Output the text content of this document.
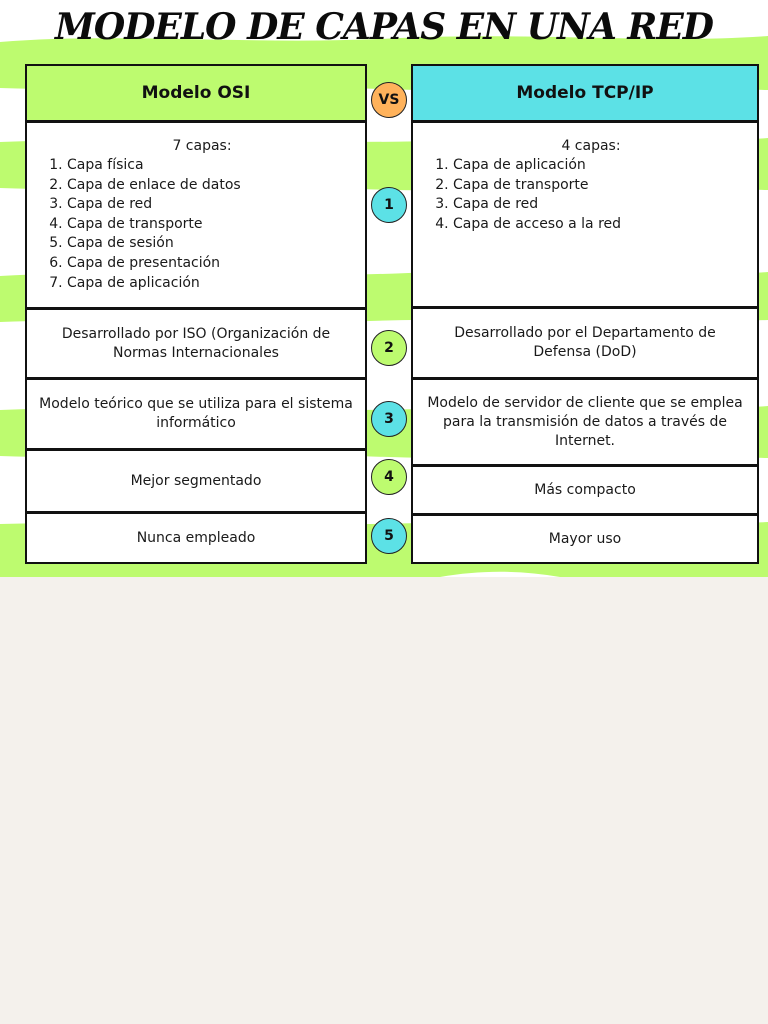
MODELO DE CAPAS EN UNA RED
Modelo OSI
7 capas:
1. Capa física
2. Capa de enlace de datos
3. Capa de red
4. Capa de transporte
5. Capa de sesión
6. Capa de presentación
7. Capa de aplicación
Desarrollado por ISO (Organización de Normas Internacionales
Modelo teórico que se utiliza para el sistema informático
Mejor segmentado
Nunca empleado
Modelo TCP/IP
4 capas:
1. Capa de aplicación
2. Capa de transporte
3. Capa de red
4. Capa de acceso a la red
Desarrollado por el Departamento de Defensa (DoD)
Modelo de servidor de cliente que se emplea para la transmisión de datos a través de Internet.
Más compacto
Mayor uso
VS
1
2
3
4
5
